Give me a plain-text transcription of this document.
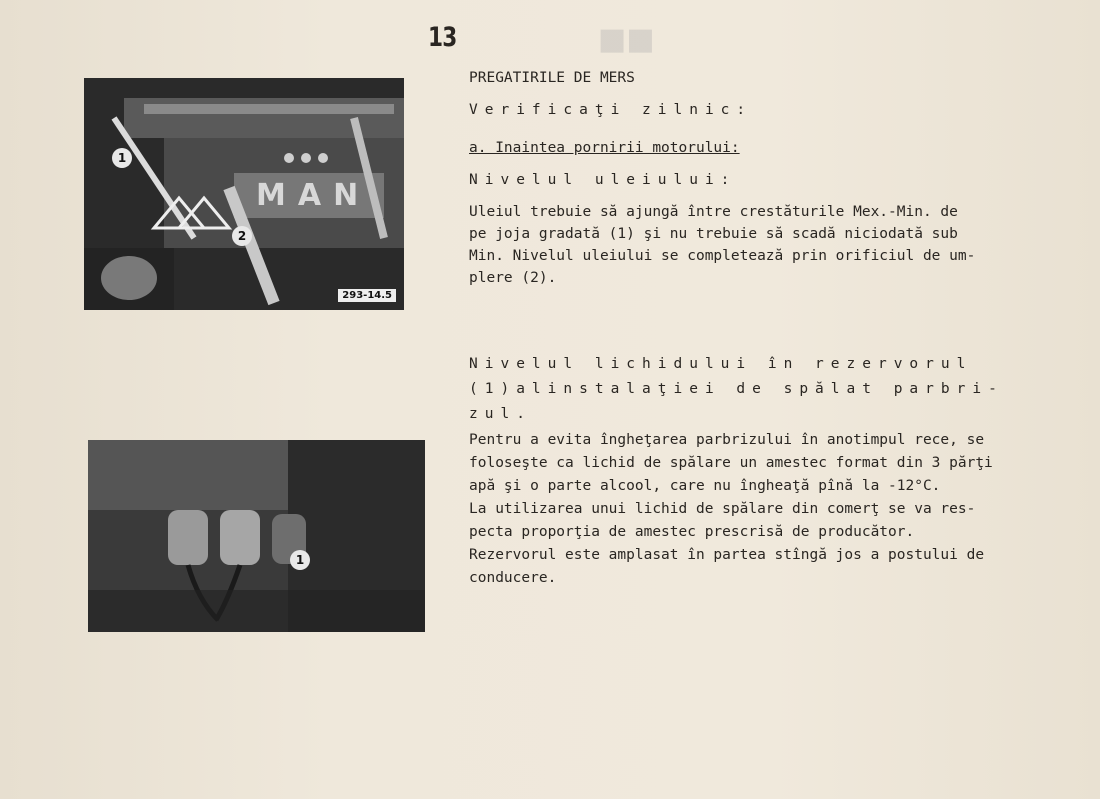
■■
13
1
2
MAN
293-14.5
1
PREGATIRILE DE MERS
Verificaţi zilnic:
a. Inaintea pornirii motorului:
Nivelul uleiului:
Uleiul trebuie să ajungă între crestăturile Mex.-Min. de
pe joja gradată (1) şi nu trebuie să scadă niciodată sub
Min. Nivelul uleiului se completează prin orificiul de um-
plere (2).
Nivelul lichidului în rezervorul
(1)alinstalaţiei de spălat parbri-
zul.
Pentru a evita îngheţarea parbrizului în anotimpul rece, se
foloseşte ca lichid de spălare un amestec format din 3 părţi
apă şi o parte alcool, care nu îngheaţă pînă la -12°C.
La utilizarea unui lichid de spălare din comerţ se va res-
pecta proporţia de amestec prescrisă de producător.
Rezervorul este amplasat în partea stîngă jos a postului de
conducere.
